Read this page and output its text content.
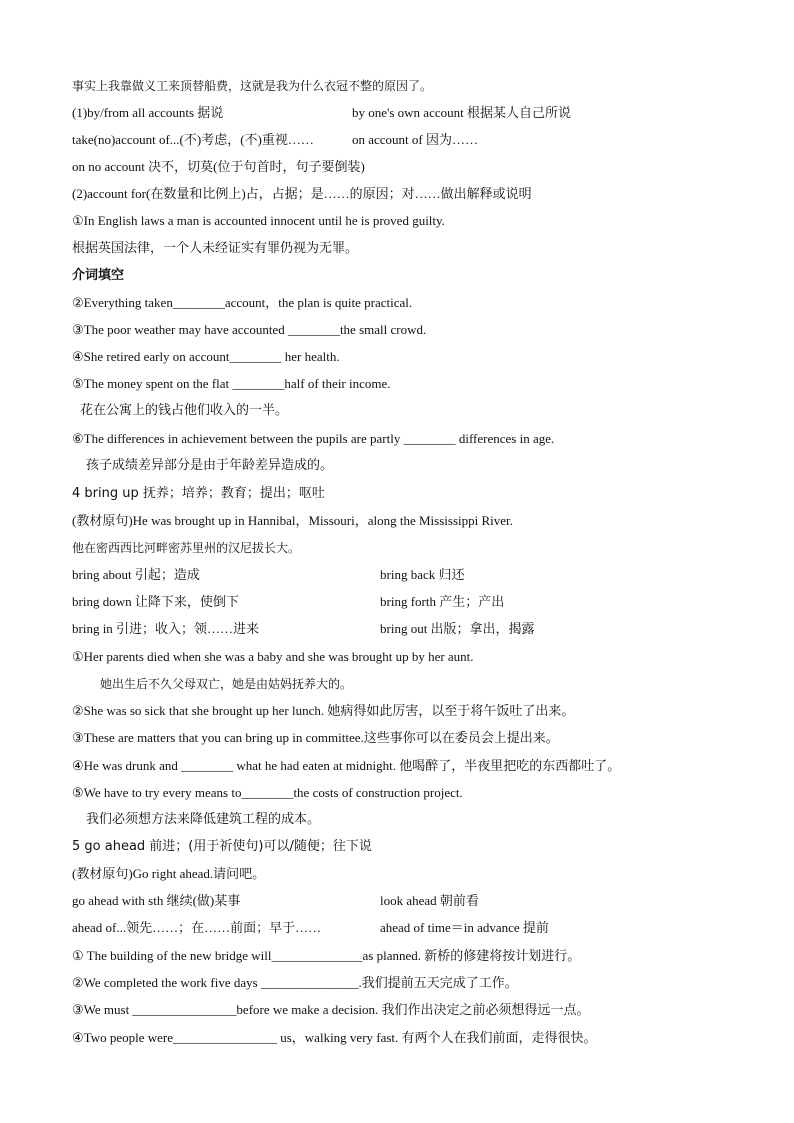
事实上我靠做义工来顶替船费，这就是我为什么衣冠不整的原因了。
(1)by/from all accounts 据说	by one's own account 根据某人自己所说
take(no)account of...(不)考虑，(不)重视……	on account of 因为……
on no account 决不，切莫(位于句首时，句子要倒装)
(2)account for(在数量和比例上)占，占据；是……的原因；对……做出解释或说明
①In English laws a man is accounted innocent until he is proved guilty.
根据英国法律，一个人未经证实有罪仍视为无罪。
介词填空
②Everything taken________account，the plan is quite practical.
③The poor weather may have accounted ________the small crowd.
④She retired early on account________ her health.
⑤The money spent on the flat ________half of their income.
花在公寓上的钱占他们收入的一半。
⑥The differences in achievement between the pupils are partly ________ differences in age.
孩子成绩差异部分是由于年龄差异造成的。
4 bring up 抚养；培养；教育；提出；呕吐
(教材原句)He was brought up in Hannibal，Missouri，along the Mississippi River.
他在密西西比河畔密苏里州的汉尼拔长大。
bring about 引起；造成	bring back 归还
bring down 让降下来，使倒下	bring forth 产生；产出
bring in 引进；收入；领……进来	bring out 出版；拿出，揭露
①Her parents died when she was a baby and she was brought up by her aunt.
她出生后不久父母双亡，她是由姑妈抚养大的。
②She was so sick that she brought up her lunch. 她病得如此厉害，以至于将午饭吐了出来。
③These are matters that you can bring up in committee.这些事你可以在委员会上提出来。
④He was drunk and ________ what he had eaten at midnight. 他喝醉了，半夜里把吃的东西都吐了。
⑤We have to try every means to________the costs of construction project.
我们必须想方法来降低建筑工程的成本。
5 go ahead 前进；(用于祈使句)可以/随便；往下说
(教材原句)Go right ahead.请问吧。
go ahead with sth 继续(做)某事	look ahead 朝前看
ahead of...领先……；在……前面；早于……	ahead of time＝in advance 提前
① The building of the new bridge will______________as planned. 新桥的修建将按计划进行。
②We completed the work five days _______________.我们提前五天完成了工作。
③We must ________________before we make a decision. 我们作出决定之前必须想得远一点。
④Two people were________________ us，walking very fast. 有两个人在我们前面，走得很快。
